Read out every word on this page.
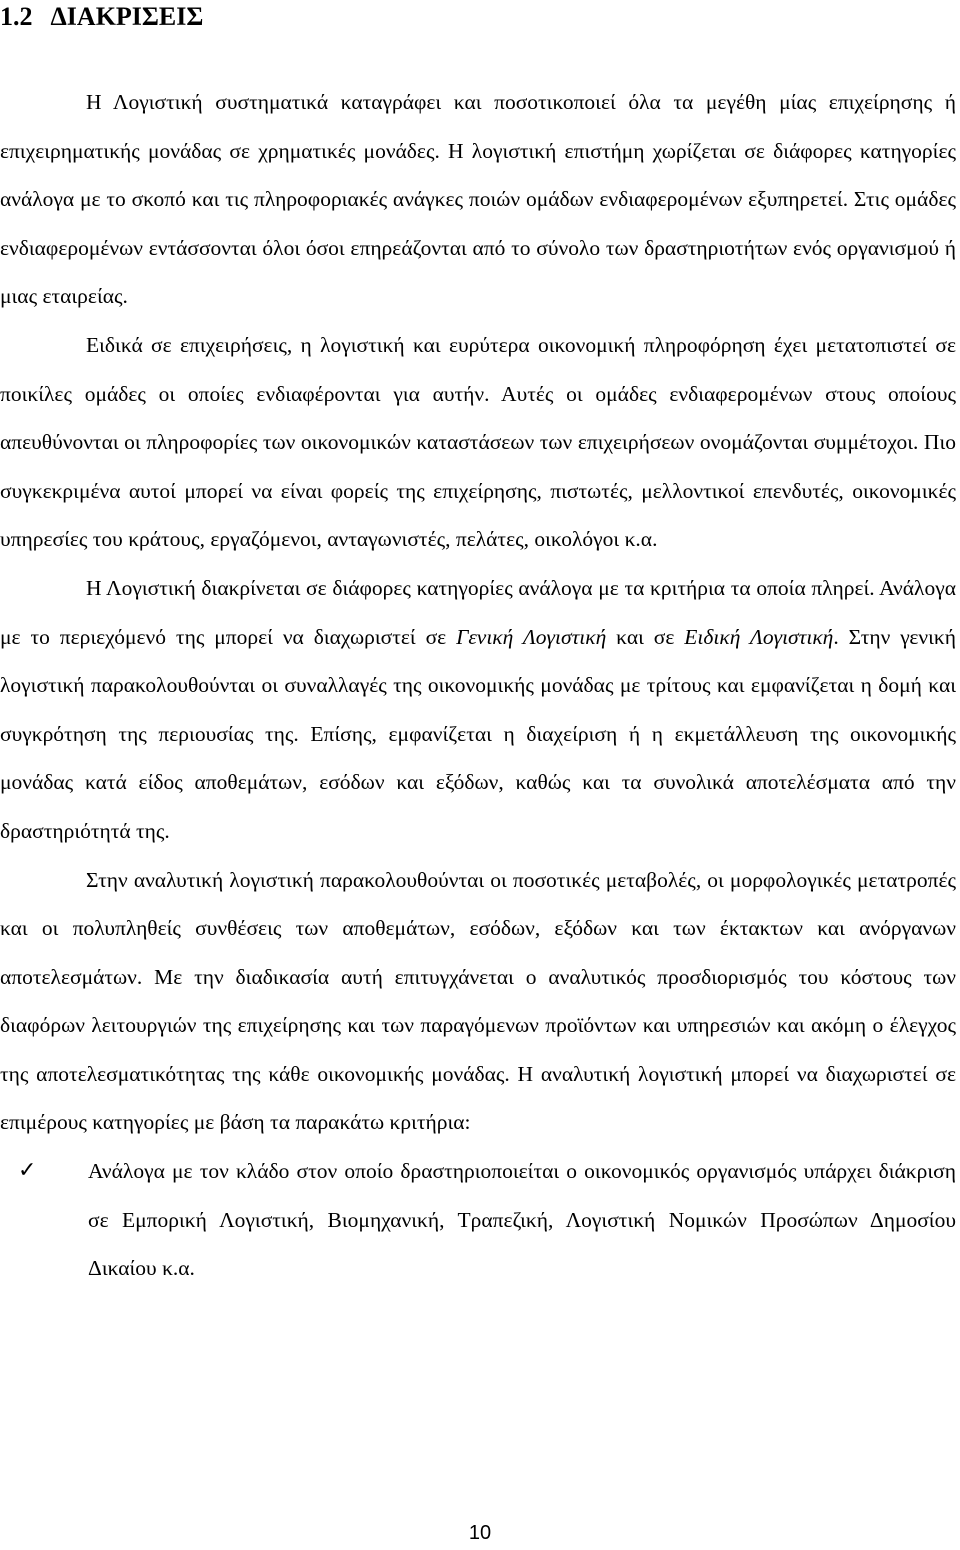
1.2 ΔΙΑΚΡΙΣΕΙΣ

Η Λογιστική συστηματικά καταγράφει και ποσοτικοποιεί όλα τα μεγέθη μίας επιχείρησης ή επιχειρηματικής μονάδας σε χρηματικές μονάδες. Η λογιστική επιστήμη χωρίζεται σε διάφορες κατηγορίες ανάλογα με το σκοπό και τις πληροφοριακές ανάγκες ποιών ομάδων ενδιαφερομένων εξυπηρετεί. Στις ομάδες ενδιαφερομένων εντάσσονται όλοι όσοι επηρεάζονται από το σύνολο των δραστηριοτήτων ενός οργανισμού ή μιας εταιρείας.

Ειδικά σε επιχειρήσεις, η λογιστική και ευρύτερα οικονομική πληροφόρηση έχει μετατοπιστεί σε ποικίλες ομάδες οι οποίες ενδιαφέρονται για αυτήν. Αυτές οι ομάδες ενδιαφερομένων στους οποίους απευθύνονται οι πληροφορίες των οικονομικών καταστάσεων των επιχειρήσεων ονομάζονται συμμέτοχοι. Πιο συγκεκριμένα αυτοί μπορεί να είναι φορείς της επιχείρησης, πιστωτές, μελλοντικοί επενδυτές, οικονομικές υπηρεσίες του κράτους, εργαζόμενοι, ανταγωνιστές, πελάτες, οικολόγοι κ.α.

Η Λογιστική διακρίνεται σε διάφορες κατηγορίες ανάλογα με τα κριτήρια τα οποία πληρεί. Ανάλογα με το περιεχόμενό της μπορεί να διαχωριστεί σε Γενική Λογιστική και σε Ειδική Λογιστική. Στην γενική λογιστική παρακολουθούνται οι συναλλαγές της οικονομικής μονάδας με τρίτους και εμφανίζεται η δομή και συγκρότηση της περιουσίας της. Επίσης, εμφανίζεται η διαχείριση ή η εκμετάλλευση της οικονομικής μονάδας κατά είδος αποθεμάτων, εσόδων και εξόδων, καθώς και τα συνολικά αποτελέσματα από την δραστηριότητά της.

Στην αναλυτική λογιστική παρακολουθούνται οι ποσοτικές μεταβολές, οι μορφολογικές μετατροπές και οι πολυπληθείς συνθέσεις των αποθεμάτων, εσόδων, εξόδων και των έκτακτων και ανόργανων αποτελεσμάτων. Με την διαδικασία αυτή επιτυγχάνεται ο αναλυτικός προσδιορισμός του κόστους των διαφόρων λειτουργιών της επιχείρησης και των παραγόμενων προϊόντων και υπηρεσιών και ακόμη ο έλεγχος της αποτελεσματικότητας της κάθε οικονομικής μονάδας. Η αναλυτική λογιστική μπορεί να διαχωριστεί σε επιμέρους κατηγορίες με βάση τα παρακάτω κριτήρια:

✓ Ανάλογα με τον κλάδο στον οποίο δραστηριοποιείται ο οικονομικός οργανισμός υπάρχει διάκριση σε Εμπορική Λογιστική, Βιομηχανική, Τραπεζική, Λογιστική Νομικών Προσώπων Δημοσίου Δικαίου κ.α.
10
